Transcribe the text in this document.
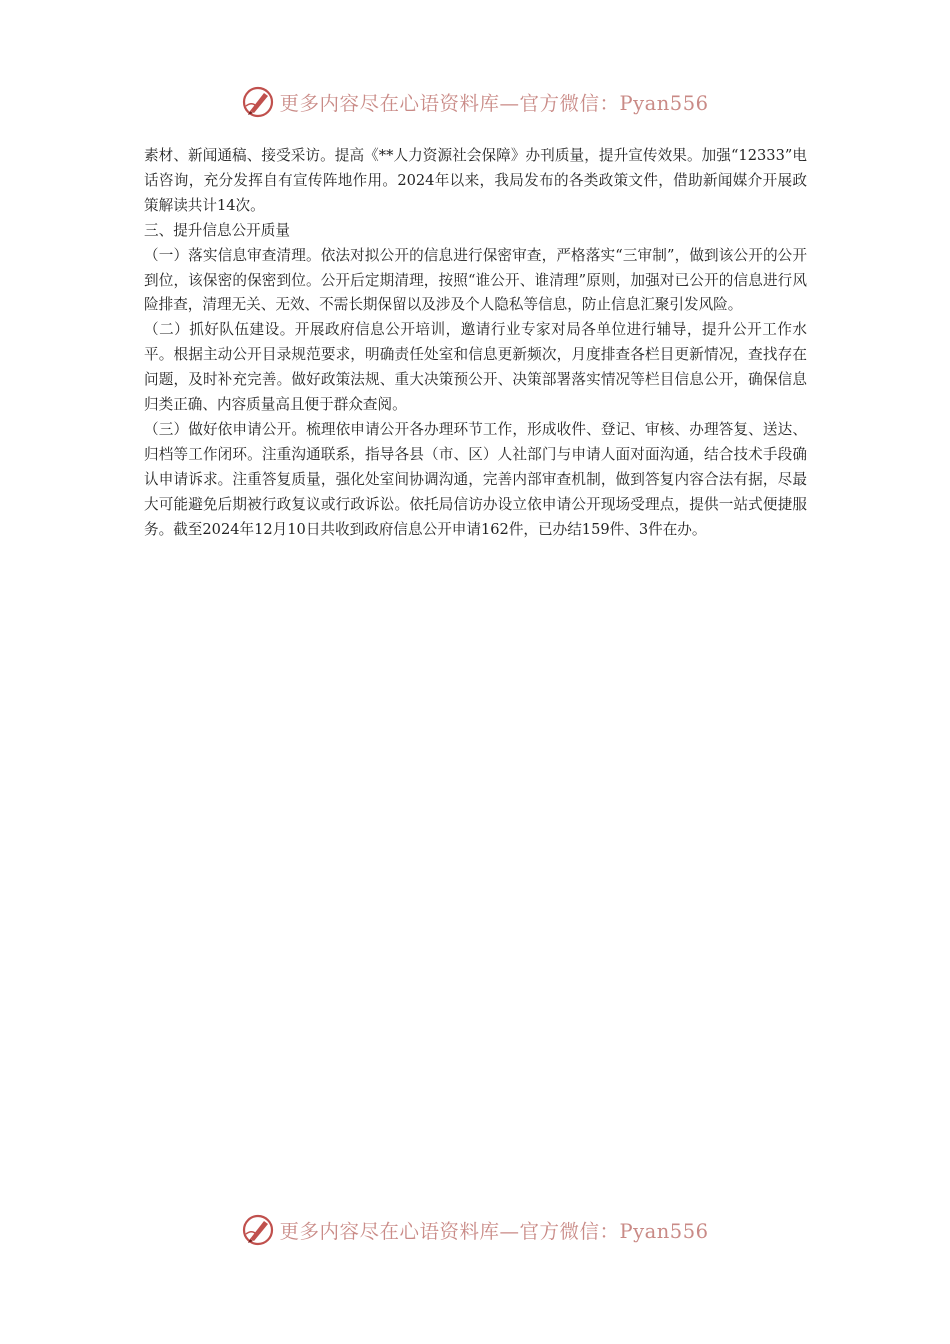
更多内容尽在心语资料库—官方微信：Pyan556

素材、新闻通稿、接受采访。提高《**人力资源社会保障》办刊质量，提升宣传效果。加强“12333”电话咨询，充分发挥自有宣传阵地作用。2024年以来，我局发布的各类政策文件，借助新闻媒介开展政策解读共计14次。

三、提升信息公开质量

（一）落实信息审查清理。依法对拟公开的信息进行保密审查，严格落实“三审制”，做到该公开的公开到位，该保密的保密到位。公开后定期清理，按照“谁公开、谁清理”原则，加强对已公开的信息进行风险排查，清理无关、无效、不需长期保留以及涉及个人隐私等信息，防止信息汇聚引发风险。

（二）抓好队伍建设。开展政府信息公开培训，邀请行业专家对局各单位进行辅导，提升公开工作水平。根据主动公开目录规范要求，明确责任处室和信息更新频次，月度排查各栏目更新情况，查找存在问题，及时补充完善。做好政策法规、重大决策预公开、决策部署落实情况等栏目信息公开，确保信息归类正确、内容质量高且便于群众查阅。

（三）做好依申请公开。梳理依申请公开各办理环节工作，形成收件、登记、审核、办理答复、送达、归档等工作闭环。注重沟通联系，指导各县（市、区）人社部门与申请人面对面沟通，结合技术手段确认申请诉求。注重答复质量，强化处室间协调沟通，完善内部审查机制，做到答复内容合法有据，尽最大可能避免后期被行政复议或行政诉讼。依托局信访办设立依申请公开现场受理点，提供一站式便捷服务。截至2024年12月10日共收到政府信息公开申请162件，已办结159件、3件在办。

更多内容尽在心语资料库—官方微信：Pyan556
